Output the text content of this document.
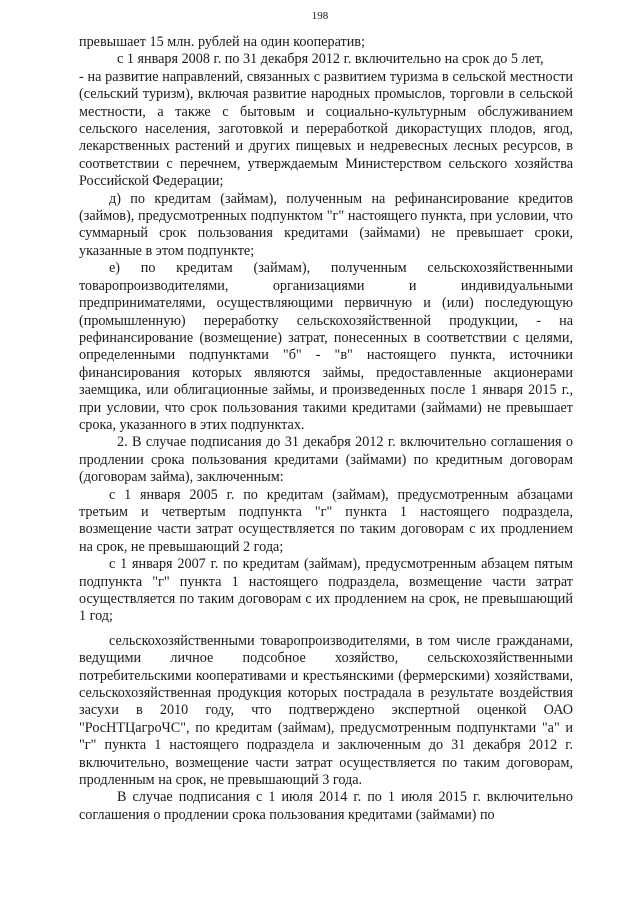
198

превышает 15 млн. рублей на один кооператив;

с 1 января 2008 г. по 31 декабря 2012 г. включительно на срок до 5 лет,

- на развитие направлений, связанных с развитием туризма в сельской местности (сельский туризм), включая развитие народных промыслов, торговли в сельской местности, а также с бытовым и социально-культурным обслуживанием сельского населения, заготовкой и переработкой дикорастущих плодов, ягод, лекарственных растений и других пищевых и недревесных лесных ресурсов, в соответствии с перечнем, утверждаемым Министерством сельского хозяйства Российской Федерации;

д) по кредитам (займам), полученным на рефинансирование кредитов (займов), предусмотренных подпунктом "г" настоящего пункта, при условии, что суммарный срок пользования кредитами (займами) не превышает сроки, указанные в этом подпункте;

е) по кредитам (займам), полученным сельскохозяйственными товаропроизводителями, организациями и индивидуальными предпринимателями, осуществляющими первичную и (или) последующую (промышленную) переработку сельскохозяйственной продукции, - на рефинансирование (возмещение) затрат, понесенных в соответствии с целями, определенными подпунктами "б" - "в" настоящего пункта, источники финансирования которых являются займы, предоставленные акционерами заемщика, или облигационные займы, и произведенных после 1 января 2015 г., при условии, что срок пользования такими кредитами (займами) не превышает срока, указанного в этих подпунктах.

2. В случае подписания до 31 декабря 2012 г. включительно соглашения о продлении срока пользования кредитами (займами) по кредитным договорам (договорам займа), заключенным:

с 1 января 2005 г. по кредитам (займам), предусмотренным абзацами третьим и четвертым подпункта "г" пункта 1 настоящего подраздела, возмещение части затрат осуществляется по таким договорам с их продлением на срок, не превышающий 2 года;

с 1 января 2007 г. по кредитам (займам), предусмотренным абзацем пятым подпункта "г" пункта 1 настоящего подраздела, возмещение части затрат осуществляется по таким договорам с их продлением на срок, не превышающий 1 год;

сельскохозяйственными товаропроизводителями, в том числе гражданами, ведущими личное подсобное хозяйство, сельскохозяйственными потребительскими кооперативами и крестьянскими (фермерскими) хозяйствами, сельскохозяйственная продукция которых пострадала в результате воздействия засухи в 2010 году, что подтверждено экспертной оценкой ОАО "РосНТЦагроЧС", по кредитам (займам), предусмотренным подпунктами "а" и "г" пункта 1 настоящего подраздела и заключенным до 31 декабря 2012 г. включительно, возмещение части затрат осуществляется по таким договорам, продленным на срок, не превышающий 3 года.

В случае подписания с 1 июля 2014 г. по 1 июля 2015 г. включительно соглашения о продлении срока пользования кредитами (займами) по
